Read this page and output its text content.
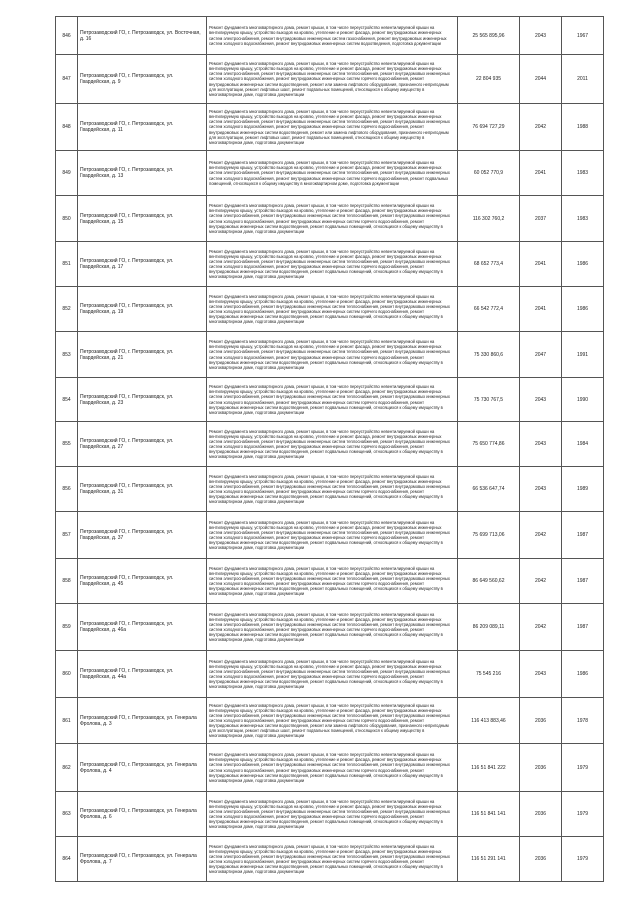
846	Петрозаводский ГО, г. Петрозаводск, ул. Восточная, д. 16	Ремонт фундамента многоквартирного дома, ремонт крыши, в том числе переустройство невентилируемой крыши на вентилируемую крышу, устройство выходов на кровлю, утепление и ремонт фасада, ремонт внутридомовых инженерных систем электроснабжения, ремонт внутридомовых инженерных систем газоснабжения, ремонт внутридомовых инженерных систем холодного водоснабжения, ремонт внутридомовых инженерных систем водоотведения, подготовка документации	25 565 895,96	2043	1967
847	Петрозаводский ГО, г. Петрозаводск, ул. Гвардейская, д. 9	Ремонт фундамента многоквартирного дома, ремонт крыши, в том числе переустройство невентилируемой крыши на вентилируемую крышу, устройство выходов на кровлю, утепление и ремонт фасада, ремонт внутридомовых инженерных систем электроснабжения, ремонт внутридомовых инженерных систем теплоснабжения, ремонт внутридомовых инженерных систем холодного водоснабжения, ремонт внутридомовых инженерных систем горячего водоснабжения, ремонт внутридомовых инженерных систем водоотведения, ремонт или замена лифтового оборудования, признанного непригодным для эксплуатации, ремонт лифтовых шахт, ремонт подвальных помещений, относящихся к общему имуществу в многоквартирном доме, подготовка документации	22 804 935	2044	2011
848	Петрозаводский ГО, г. Петрозаводск, ул. Гвардейская, д. 11	Ремонт фундамента многоквартирного дома, ремонт крыши, в том числе переустройство невентилируемой крыши на вентилируемую крышу, устройство выходов на кровлю, утепление и ремонт фасада, ремонт внутридомовых инженерных систем электроснабжения, ремонт внутридомовых инженерных систем теплоснабжения, ремонт внутридомовых инженерных систем холодного водоснабжения, ремонт внутридомовых инженерных систем горячего водоснабжения, ремонт внутридомовых инженерных систем водоотведения, ремонт или замена лифтового оборудования, признанного непригодным для эксплуатации, ремонт лифтовых шахт, ремонт подвальных помещений, относящихся к общему имуществу в многоквартирном доме, подготовка документации	76 694 727,29	2042	1988
849	Петрозаводский ГО, г. Петрозаводск, ул. Гвардейская, д. 13	Ремонт фундамента многоквартирного дома, ремонт крыши, в том числе переустройство невентилируемой крыши на вентилируемую крышу, устройство выходов на кровлю, утепление и ремонт фасада, ремонт внутридомовых инженерных систем электроснабжения, ремонт внутридомовых инженерных систем теплоснабжения, ремонт внутридомовых инженерных систем холодного водоснабжения, ремонт внутридомовых инженерных систем горячего водоснабжения, ремонт подвальных помещений, относящихся к общему имуществу в многоквартирном доме, подготовка документации	60 052 770,9	2041	1983
850	Петрозаводский ГО, г. Петрозаводск, ул. Гвардейская, д. 15	Ремонт фундамента многоквартирного дома, ремонт крыши, в том числе переустройство невентилируемой крыши на вентилируемую крышу, устройство выходов на кровлю, утепление и ремонт фасада, ремонт внутридомовых инженерных систем электроснабжения, ремонт внутридомовых инженерных систем теплоснабжения, ремонт внутридомовых инженерных систем холодного водоснабжения, ремонт внутридомовых инженерных систем горячего водоснабжения, ремонт внутридомовых инженерных систем водоотведения, ремонт подвальных помещений, относящихся к общему имуществу в многоквартирном доме, подготовка документации	116 302 760,2	2037	1983
851	Петрозаводский ГО, г. Петрозаводск, ул. Гвардейская, д. 17	Ремонт фундамента многоквартирного дома, ремонт крыши, в том числе переустройство невентилируемой крыши на вентилируемую крышу, устройство выходов на кровлю, утепление и ремонт фасада, ремонт внутридомовых инженерных систем электроснабжения, ремонт внутридомовых инженерных систем теплоснабжения, ремонт внутридомовых инженерных систем холодного водоснабжения, ремонт внутридомовых инженерных систем горячего водоснабжения, ремонт внутридомовых инженерных систем водоотведения, ремонт подвальных помещений, относящихся к общему имуществу в многоквартирном доме, подготовка документации	68 652 773,4	2041	1986
852	Петрозаводский ГО, г. Петрозаводск, ул. Гвардейская, д. 19	Ремонт фундамента многоквартирного дома, ремонт крыши, в том числе переустройство невентилируемой крыши на вентилируемую крышу, устройство выходов на кровлю, утепление и ремонт фасада, ремонт внутридомовых инженерных систем электроснабжения, ремонт внутридомовых инженерных систем теплоснабжения, ремонт внутридомовых инженерных систем холодного водоснабжения, ремонт внутридомовых инженерных систем горячего водоснабжения, ремонт внутридомовых инженерных систем водоотведения, ремонт подвальных помещений, относящихся к общему имуществу в многоквартирном доме, подготовка документации	66 542 772,4	2041	1986
853	Петрозаводский ГО, г. Петрозаводск, ул. Гвардейская, д. 21	Ремонт фундамента многоквартирного дома, ремонт крыши, в том числе переустройство невентилируемой крыши на вентилируемую крышу, устройство выходов на кровлю, утепление и ремонт фасада, ремонт внутридомовых инженерных систем электроснабжения, ремонт внутридомовых инженерных систем теплоснабжения, ремонт внутридомовых инженерных систем холодного водоснабжения, ремонт внутридомовых инженерных систем горячего водоснабжения, ремонт внутридомовых инженерных систем водоотведения, ремонт подвальных помещений, относящихся к общему имуществу в многоквартирном доме, подготовка документации	75 330 860,6	2047	1991
854	Петрозаводский ГО, г. Петрозаводск, ул. Гвардейская, д. 23	Ремонт фундамента многоквартирного дома, ремонт крыши, в том числе переустройство невентилируемой крыши на вентилируемую крышу, устройство выходов на кровлю, утепление и ремонт фасада, ремонт внутридомовых инженерных систем электроснабжения, ремонт внутридомовых инженерных систем теплоснабжения, ремонт внутридомовых инженерных систем холодного водоснабжения, ремонт внутридомовых инженерных систем горячего водоснабжения, ремонт внутридомовых инженерных систем водоотведения, ремонт подвальных помещений, относящихся к общему имуществу в многоквартирном доме, подготовка документации	75 730 767,5	2043	1990
855	Петрозаводский ГО, г. Петрозаводск, ул. Гвардейская, д. 27	Ремонт фундамента многоквартирного дома, ремонт крыши, в том числе переустройство невентилируемой крыши на вентилируемую крышу, устройство выходов на кровлю, утепление и ремонт фасада, ремонт внутридомовых инженерных систем электроснабжения, ремонт внутридомовых инженерных систем теплоснабжения, ремонт внутридомовых инженерных систем холодного водоснабжения, ремонт внутридомовых инженерных систем горячего водоснабжения, ремонт внутридомовых инженерных систем водоотведения, ремонт подвальных помещений, относящихся к общему имуществу в многоквартирном доме, подготовка документации	75 650 774,86	2043	1984
856	Петрозаводский ГО, г. Петрозаводск, ул. Гвардейская, д. 31	Ремонт фундамента многоквартирного дома, ремонт крыши, в том числе переустройство невентилируемой крыши на вентилируемую крышу, устройство выходов на кровлю, утепление и ремонт фасада, ремонт внутридомовых инженерных систем электроснабжения, ремонт внутридомовых инженерных систем теплоснабжения, ремонт внутридомовых инженерных систем холодного водоснабжения, ремонт внутридомовых инженерных систем горячего водоснабжения, ремонт внутридомовых инженерных систем водоотведения, ремонт подвальных помещений, относящихся к общему имуществу в многоквартирном доме, подготовка документации	66 536 647,74	2043	1989
857	Петрозаводский ГО, г. Петрозаводск, ул. Гвардейская, д. 37	Ремонт фундамента многоквартирного дома, ремонт крыши, в том числе переустройство невентилируемой крыши на вентилируемую крышу, устройство выходов на кровлю, утепление и ремонт фасада, ремонт внутридомовых инженерных систем электроснабжения, ремонт внутридомовых инженерных систем теплоснабжения, ремонт внутридомовых инженерных систем холодного водоснабжения, ремонт внутридомовых инженерных систем горячего водоснабжения, ремонт внутридомовых инженерных систем водоотведения, ремонт подвальных помещений, относящихся к общему имуществу в многоквартирном доме, подготовка документации	75 699 713,06	2042	1987
858	Петрозаводский ГО, г. Петрозаводск, ул. Гвардейская, д. 45	Ремонт фундамента многоквартирного дома, ремонт крыши, в том числе переустройство невентилируемой крыши на вентилируемую крышу, устройство выходов на кровлю, утепление и ремонт фасада, ремонт внутридомовых инженерных систем электроснабжения, ремонт внутридомовых инженерных систем теплоснабжения, ремонт внутридомовых инженерных систем холодного водоснабжения, ремонт внутридомовых инженерных систем горячего водоснабжения, ремонт внутридомовых инженерных систем водоотведения, ремонт подвальных помещений, относящихся к общему имуществу в многоквартирном доме, подготовка документации	86 649 560,62	2042	1987
859	Петрозаводский ГО, г. Петрозаводск, ул. Гвардейская, д. 46а	Ремонт фундамента многоквартирного дома, ремонт крыши, в том числе переустройство невентилируемой крыши на вентилируемую крышу, устройство выходов на кровлю, утепление и ремонт фасада, ремонт внутридомовых инженерных систем электроснабжения, ремонт внутридомовых инженерных систем теплоснабжения, ремонт внутридомовых инженерных систем холодного водоснабжения, ремонт внутридомовых инженерных систем горячего водоснабжения, ремонт внутридомовых инженерных систем водоотведения, ремонт подвальных помещений, относящихся к общему имуществу в многоквартирном доме, подготовка документации	86 209 089,11	2042	1987
860	Петрозаводский ГО, г. Петрозаводск, ул. Гвардейская, д. 44а	Ремонт фундамента многоквартирного дома, ремонт крыши, в том числе переустройство невентилируемой крыши на вентилируемую крышу, устройство выходов на кровлю, утепление и ремонт фасада, ремонт внутридомовых инженерных систем электроснабжения, ремонт внутридомовых инженерных систем теплоснабжения, ремонт внутридомовых инженерных систем холодного водоснабжения, ремонт внутридомовых инженерных систем горячего водоснабжения, ремонт внутридомовых инженерных систем водоотведения, ремонт подвальных помещений, относящихся к общему имуществу в многоквартирном доме, подготовка документации	75 545 216	2043	1986
861	Петрозаводский ГО, г. Петрозаводск, ул. Генерала Фролова, д. 3	Ремонт фундамента многоквартирного дома, ремонт крыши, в том числе переустройство невентилируемой крыши на вентилируемую крышу, устройство выходов на кровлю, утепление и ремонт фасада, ремонт внутридомовых инженерных систем электроснабжения, ремонт внутридомовых инженерных систем теплоснабжения, ремонт внутридомовых инженерных систем холодного водоснабжения, ремонт внутридомовых инженерных систем горячего водоснабжения, ремонт внутридомовых инженерных систем водоотведения, ремонт или замена лифтового оборудования, признанного непригодным для эксплуатации, ремонт лифтовых шахт, ремонт подвальных помещений, относящихся к общему имуществу в многоквартирном доме, подготовка документации	116 413 883,46	2036	1978
862	Петрозаводский ГО, г. Петрозаводск, ул. Генерала Фролова, д. 4	Ремонт фундамента многоквартирного дома, ремонт крыши, в том числе переустройство невентилируемой крыши на вентилируемую крышу, устройство выходов на кровлю, утепление и ремонт фасада, ремонт внутридомовых инженерных систем электроснабжения, ремонт внутридомовых инженерных систем теплоснабжения, ремонт внутридомовых инженерных систем холодного водоснабжения, ремонт внутридомовых инженерных систем горячего водоснабжения, ремонт внутридомовых инженерных систем водоотведения, ремонт подвальных помещений, относящихся к общему имуществу в многоквартирном доме, подготовка документации	116 51 841 222	2036	1979
863	Петрозаводский ГО, г. Петрозаводск, ул. Генерала Фролова, д. 6	Ремонт фундамента многоквартирного дома, ремонт крыши, в том числе переустройство невентилируемой крыши на вентилируемую крышу, устройство выходов на кровлю, утепление и ремонт фасада, ремонт внутридомовых инженерных систем электроснабжения, ремонт внутридомовых инженерных систем теплоснабжения, ремонт внутридомовых инженерных систем холодного водоснабжения, ремонт внутридомовых инженерных систем горячего водоснабжения, ремонт внутридомовых инженерных систем водоотведения, ремонт подвальных помещений, относящихся к общему имуществу в многоквартирном доме, подготовка документации	116 51 841 141	2036	1979
864	Петрозаводский ГО, г. Петрозаводск, ул. Генерала Фролова, д. 7	Ремонт фундамента многоквартирного дома, ремонт крыши, в том числе переустройство невентилируемой крыши на вентилируемую крышу, устройство выходов на кровлю, утепление и ремонт фасада, ремонт внутридомовых инженерных систем электроснабжения, ремонт внутридомовых инженерных систем теплоснабжения, ремонт внутридомовых инженерных систем холодного водоснабжения, ремонт внутридомовых инженерных систем горячего водоснабжения, ремонт внутридомовых инженерных систем водоотведения, ремонт подвальных помещений, относящихся к общему имуществу в многоквартирном доме, подготовка документации	116 51 291 141	2036	1979
